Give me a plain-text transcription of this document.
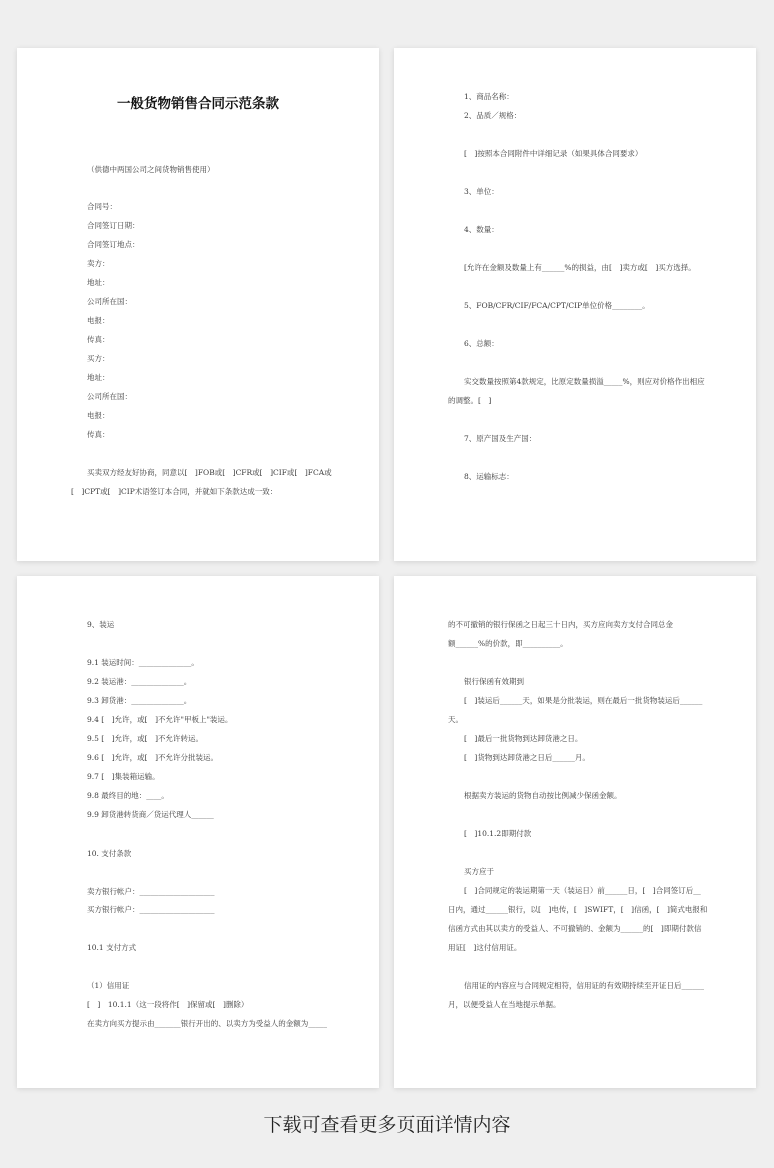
一般货物销售合同示范条款
（供德中两国公司之间货物销售使用）
合同号：
合同签订日期：
合同签订地点：
卖方：
地址：
公司所在国：
电报：
传真：
买方：
地址：
公司所在国：
电报：
传真：
买卖双方经友好协商，同意以[　]FOB或[　]CFR或[　]CIF或[　]FCA或
[　]CPT或[　]CIP术语签订本合同，并就如下条款达成一致：
1、商品名称：
2、品质／规格：
[　]按照本合同附件中详细记录（如果具体合同要求）
3、单位：
4、数量：
[允许在金额及数量上有______%的损益，由[　]卖方或[　]买方选择。
5、FOB/CFR/CIF/FCA/CPT/CIP单位价格________。
6、总额：
实交数量按照第4款规定，比原定数量损溢_____%，则应对价格作出相应
的调整。[　]
7、原产国及生产国：
8、运输标志：
9、装运
9.1 装运时间：______________。
9.2 装运港：______________。
9.3 卸货港：______________。
9.4 [　]允许，或[　]不允许"甲板上"装运。
9.5 [　]允许，或[　]不允许转运。
9.6 [　]允许，或[　]不允许分批装运。
9.7 [　]集装箱运输。
9.8 最终目的地：____。
9.9 卸货港转货商／货运代理人______
10. 支付条款
卖方银行帐户：____________________
买方银行帐户：____________________
10.1 支付方式
（1）信用证
[　]　10.1.1（这一段将作[　]保留或[　]删除）
在卖方向买方提示由_______银行开出的、以卖方为受益人的金额为_____
的不可撤销的银行保函之日起三十日内，买方应向卖方支付合同总金
额______%的价款，即__________。
银行保函有效期到
[　]装运后______天，如果是分批装运，则在最后一批货物装运后______
天。
[　]最后一批货物到达卸货港之日。
[　]货物到达卸货港之日后______月。
根据卖方装运的货物自动按比例减少保函金额。
[　]10.1.2即期付款
买方应于
[　]合同规定的装运期第一天（装运日）前______日，[　]合同签订后__
日内，通过______银行，以[　]电传，[　]SWIFT，[　]信函，[　]简式电报和
信函方式由其以卖方的受益人、不可撤销的、金额为______的[　]即期付款信
用证[　]这付信用证。
信用证的内容应与合同规定相符，信用证的有效期持续至开证日后______
月，以便受益人在当地提示单据。
下载可查看更多页面详情内容
